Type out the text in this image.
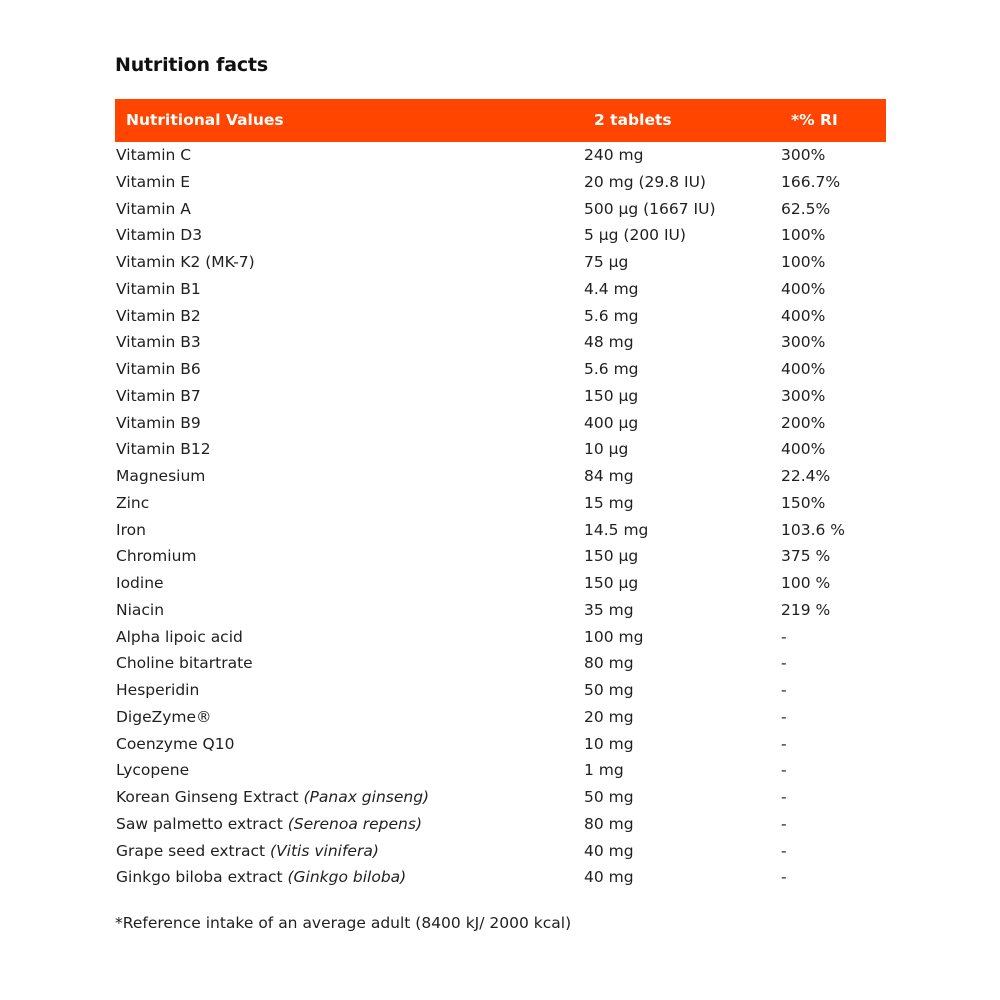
Nutrition facts
Nutritional Values	2 tablets	*% RI
Vitamin C	240 mg	300%
Vitamin E	20 mg (29.8 IU)	166.7%
Vitamin A	500 µg (1667 IU)	62.5%
Vitamin D3	5 µg (200 IU)	100%
Vitamin K2 (MK-7)	75 µg	100%
Vitamin B1	4.4 mg	400%
Vitamin B2	5.6 mg	400%
Vitamin B3	48 mg	300%
Vitamin B6	5.6 mg	400%
Vitamin B7	150 µg	300%
Vitamin B9	400 µg	200%
Vitamin B12	10 µg	400%
Magnesium	84 mg	22.4%
Zinc	15 mg	150%
Iron	14.5 mg	103.6 %
Chromium	150 µg	375 %
Iodine	150 µg	100 %
Niacin	35 mg	219 %
Alpha lipoic acid	100 mg	-
Choline bitartrate	80 mg	-
Hesperidin	50 mg	-
DigeZyme®	20 mg	-
Coenzyme Q10	10 mg	-
Lycopene	1 mg	-
Korean Ginseng Extract (Panax ginseng)	50 mg	-
Saw palmetto extract (Serenoa repens)	80 mg	-
Grape seed extract (Vitis vinifera)	40 mg	-
Ginkgo biloba extract (Ginkgo biloba)	40 mg	-
*Reference intake of an average adult (8400 kJ/ 2000 kcal)
